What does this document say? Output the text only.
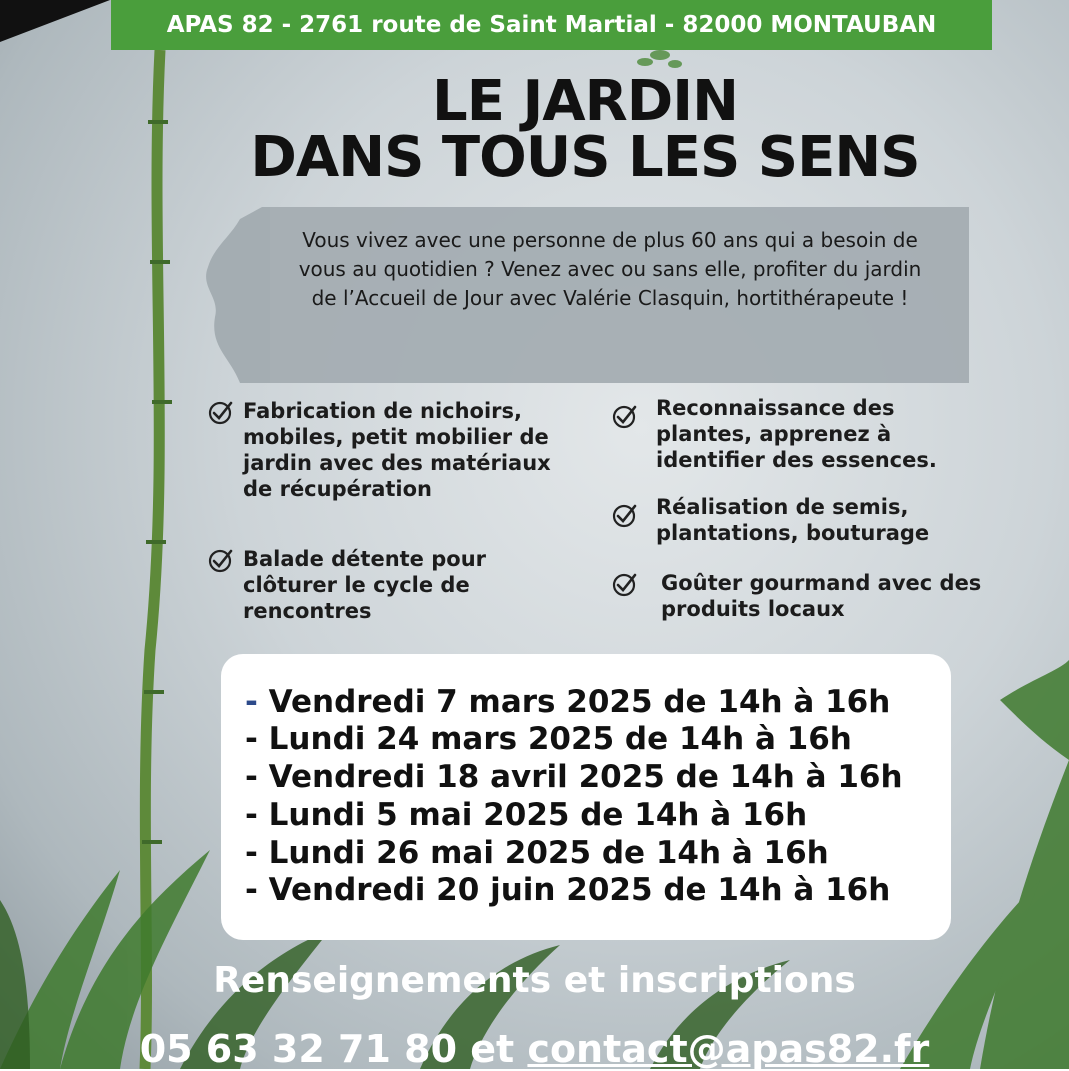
APAS 82 - 2761 route de Saint Martial - 82000 MONTAUBAN
LE JARDIN
DANS TOUS LES SENS
Vous vivez avec une personne de plus 60 ans qui a besoin de vous au quotidien ? Venez avec ou sans elle, profiter du jardin de l’Accueil de Jour avec Valérie Clasquin, hortithérapeute !
Fabrication de nichoirs, mobiles, petit mobilier de jardin avec des matériaux de récupération
Balade détente pour clôturer le cycle de rencontres
Reconnaissance des plantes, apprenez à identifier des essences.
Réalisation de semis, plantations, bouturage
Goûter gourmand avec des produits locaux
- Vendredi 7 mars 2025 de 14h à 16h
- Lundi 24 mars 2025 de 14h à 16h
- Vendredi 18 avril 2025 de 14h à 16h
- Lundi 5 mai 2025 de 14h à 16h
- Lundi 26 mai 2025 de 14h à 16h
- Vendredi 20 juin 2025 de 14h à 16h
Renseignements et inscriptions
05 63 32 71 80 et contact@apas82.fr
